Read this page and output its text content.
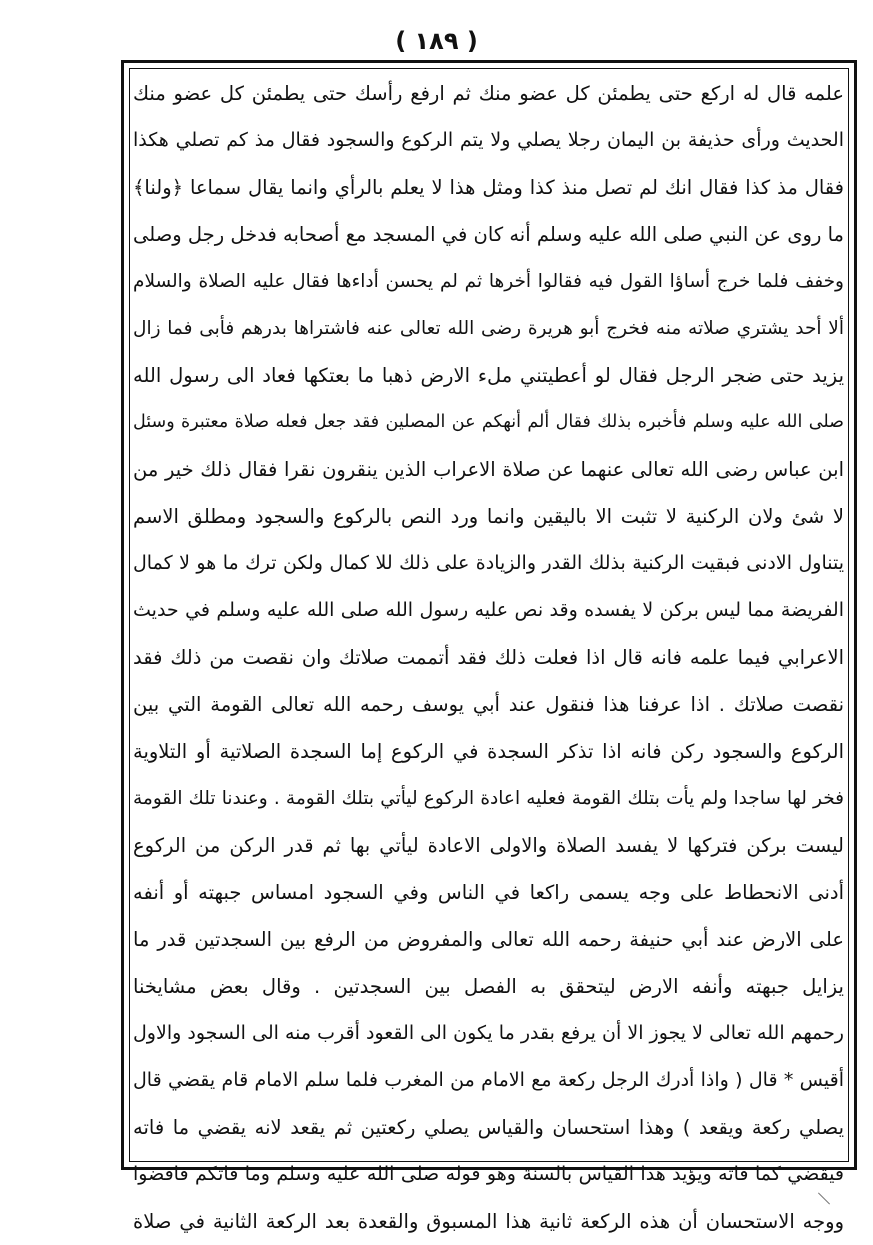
( ١٨٩ )
علمه قال له اركع حتى يطمئن كل عضو منك ثم ارفع رأسك حتى يطمئن كل عضو منك
الحديث ورأى حذيفة بن اليمان رجلا يصلي ولا يتم الركوع والسجود فقال مذ كم تصلي هكذا
فقال مذ كذا فقال انك لم تصل منذ كذا ومثل هذا لا يعلم بالرأي وانما يقال سماعا ﴿ولنا﴾
ما روى عن النبي صلى الله عليه وسلم أنه كان في المسجد مع أصحابه فدخل رجل وصلى
وخفف فلما خرج أساؤا القول فيه فقالوا أخرها ثم لم يحسن أداءها فقال عليه الصلاة والسلام
ألا أحد يشتري صلاته منه فخرج أبو هريرة رضى الله تعالى عنه فاشتراها بدرهم فأبى فما زال
يزيد حتى ضجر الرجل فقال لو أعطيتني ملء الارض ذهبا ما بعتكها فعاد الى رسول الله
صلى الله عليه وسلم فأخبره بذلك فقال ألم أنهكم عن المصلين فقد جعل فعله صلاة معتبرة وسئل
ابن عباس رضى الله تعالى عنهما عن صلاة الاعراب الذين ينقرون نقرا فقال ذلك خير من
لا شئ ولان الركنية لا تثبت الا باليقين وانما ورد النص بالركوع والسجود ومطلق الاسم
يتناول الادنى فبقيت الركنية بذلك القدر والزيادة على ذلك للا كمال ولكن ترك ما هو لا كمال
الفريضة مما ليس بركن لا يفسده وقد نص عليه رسول الله صلى الله عليه وسلم في حديث
الاعرابي فيما علمه فانه قال اذا فعلت ذلك فقد أتممت صلاتك وان نقصت من ذلك فقد
نقصت صلاتك . اذا عرفنا هذا فنقول عند أبي يوسف رحمه الله تعالى القومة التي بين
الركوع والسجود ركن فانه اذا تذكر السجدة في الركوع إما السجدة الصلاتية أو التلاوية
فخر لها ساجدا ولم يأت بتلك القومة فعليه اعادة الركوع ليأتي بتلك القومة . وعندنا تلك القومة
ليست بركن فتركها لا يفسد الصلاة والاولى الاعادة ليأتي بها ثم قدر الركن من الركوع
أدنى الانحطاط على وجه يسمى راكعا في الناس وفي السجود امساس جبهته أو أنفه
على الارض عند أبي حنيفة رحمه الله تعالى والمفروض من الرفع بين السجدتين قدر ما
يزايل جبهته وأنفه الارض ليتحقق به الفصل بين السجدتين . وقال بعض مشايخنا
رحمهم الله تعالى لا يجوز الا أن يرفع بقدر ما يكون الى القعود أقرب منه الى السجود والاول
أقيس * قال ( واذا أدرك الرجل ركعة مع الامام من المغرب فلما سلم الامام قام يقضي قال
يصلي ركعة ويقعد ) وهذا استحسان والقياس يصلي ركعتين ثم يقعد لانه يقضي ما فاته
فيقضي كما فاته ويؤيد هذا القياس بالسنة وهو قوله صلى الله عليه وسلم وما فاتكم فاقضوا
ووجه الاستحسان أن هذه الركعة ثانية هذا المسبوق والقعدة بعد الركعة الثانية في صلاة
